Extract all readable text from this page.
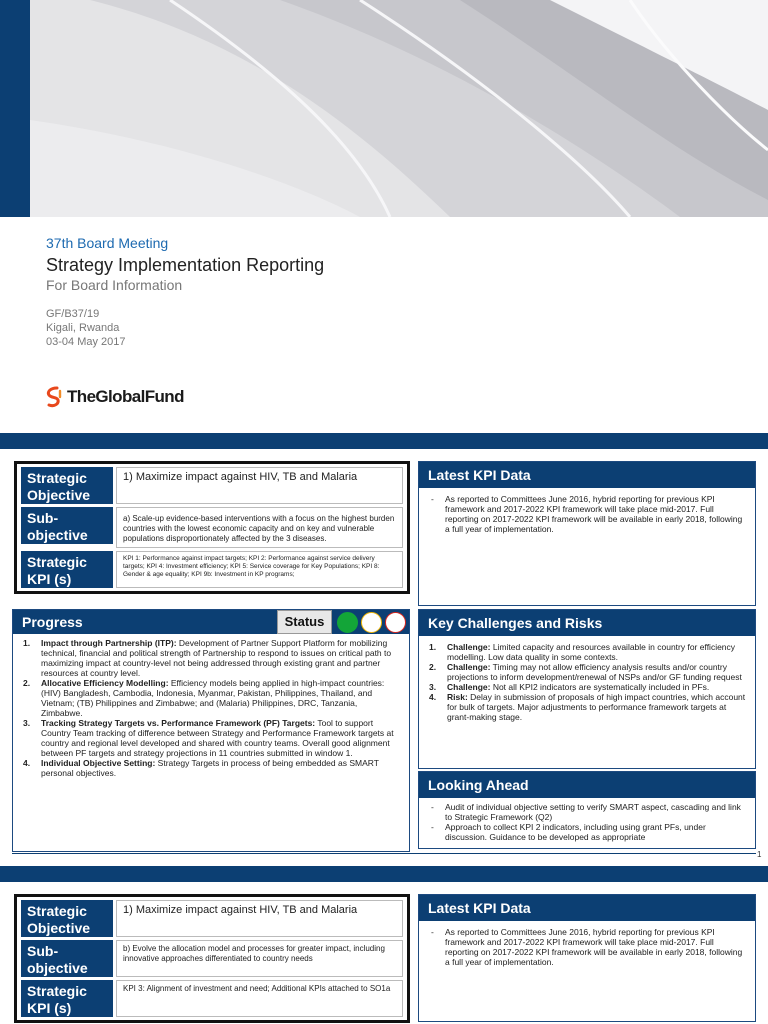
37th Board Meeting
Strategy Implementation Reporting
For Board Information
GF/B37/19
Kigali, Rwanda
03-04 May 2017
TheGlobalFund
Strategic Objective
1) Maximize impact against HIV, TB and Malaria
Sub-objective
a) Scale-up evidence-based interventions with a focus on the highest burden countries with the lowest economic capacity and on key and vulnerable populations disproportionately affected by the 3 diseases.
Strategic KPI (s)
KPI 1: Performance against impact targets; KPI 2: Performance against service delivery targets; KPI 4: Investment efficiency; KPI 5: Service coverage for Key Populations; KPI 8: Gender & age equality; KPI 9b: Investment in KP programs;
Latest KPI Data
- As reported to Committees June 2016, hybrid reporting for previous KPI framework and 2017-2022 KPI framework will take place mid-2017. Full reporting on 2017-2022 KPI framework will be available in early 2018, following a full year of implementation.
Progress
1. Impact through Partnership (ITP): Development of Partner Support Platform for mobilizing technical, financial and political strength of Partnership to respond to issues on critical path to maximizing impact at country-level not being addressed through existing grant and partner resources at country level.
2. Allocative Efficiency Modelling: Efficiency models being applied in high-impact countries: (HIV) Bangladesh, Cambodia, Indonesia, Myanmar, Pakistan, Philippines, Thailand, and Vietnam; (TB) Philippines and Zimbabwe; and (Malaria) Philippines, DRC, Tanzania, Zimbabwe.
3. Tracking Strategy Targets vs. Performance Framework (PF) Targets: Tool to support Country Team tracking of difference between Strategy and Performance Framework targets at country and regional level developed and shared with country teams. Overall good alignment between PF targets and strategy projections in 11 countries submitted in window 1.
4. Individual Objective Setting: Strategy Targets in process of being embedded as SMART personal objectives.
Status	Key Challenges and Risks
1. Challenge: Limited capacity and resources available in country for efficiency modelling. Low data quality in some contexts.
2. Challenge: Timing may not allow efficiency analysis results and/or country projections to inform development/renewal of NSPs and/or GF funding request
3. Challenge: Not all KPI2 indicators are systematically included in PFs.
4. Risk: Delay in submission of proposals of high impact countries, which account for bulk of targets. Major adjustments to performance framework targets at grant-making stage.
Looking Ahead
- Audit of individual objective setting to verify SMART aspect, cascading and link to Strategic Framework (Q2)
- Approach to collect KPI 2 indicators, including using grant PFs, under discussion. Guidance to be developed as appropriate
1
Strategic Objective
1) Maximize impact against HIV, TB and Malaria
Sub-objective
b) Evolve the allocation model and processes for greater impact, including innovative approaches differentiated to country needs
Strategic KPI (s)
KPI 3: Alignment of investment and need; Additional KPIs attached to SO1a
Latest KPI Data
- As reported to Committees June 2016, hybrid reporting for previous KPI framework and 2017-2022 KPI framework will take place mid-2017. Full reporting on 2017-2022 KPI framework will be available in early 2018, following a full year of implementation.
